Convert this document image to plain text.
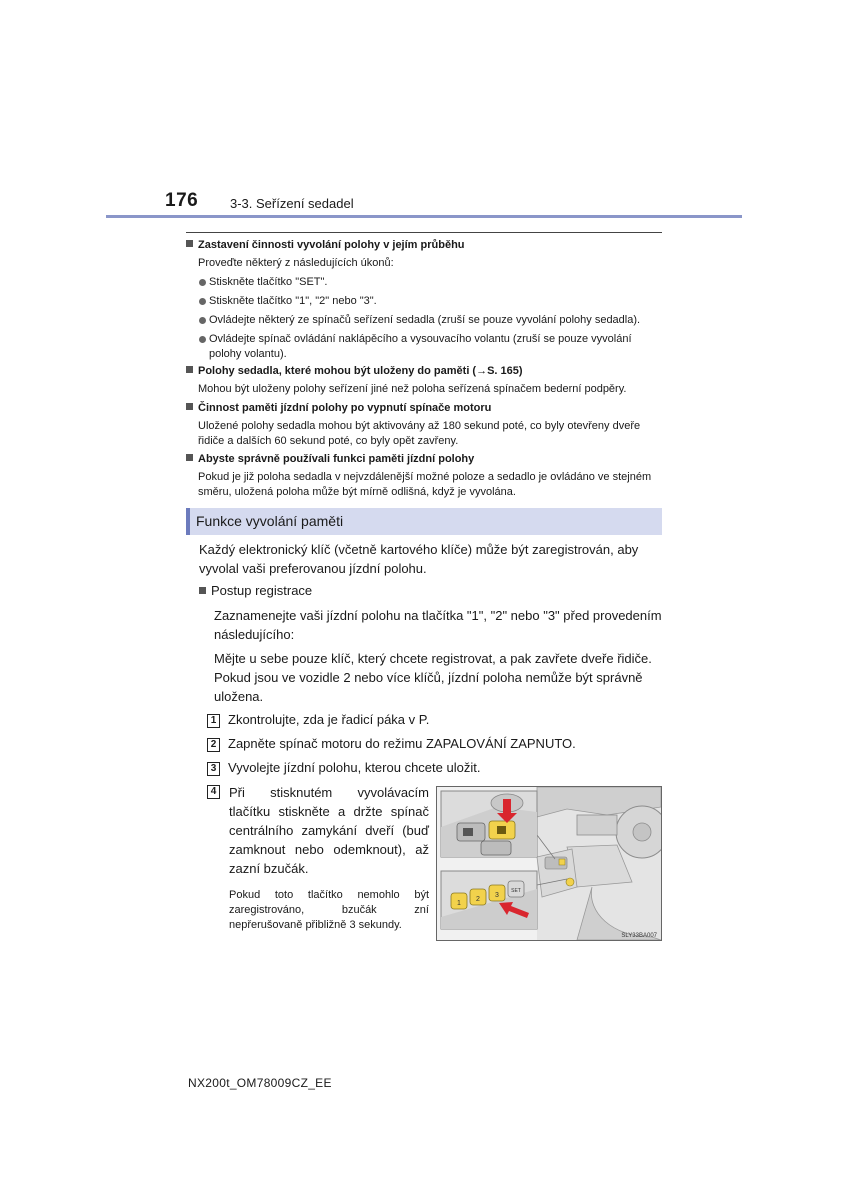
176 3-3. Seřízení sedadel
Zastavení činnosti vyvolání polohy v jejím průběhu
Proveďte některý z následujících úkonů:
Stiskněte tlačítko "SET".
Stiskněte tlačítko "1", "2" nebo "3".
Ovládejte některý ze spínačů seřízení sedadla (zruší se pouze vyvolání polohy sedadla).
Ovládejte spínač ovládání naklápěcího a vysouvacího volantu (zruší se pouze vyvolání polohy volantu).
Polohy sedadla, které mohou být uloženy do paměti (→S. 165)
Mohou být uloženy polohy seřízení jiné než poloha seřízená spínačem bederní podpěry.
Činnost paměti jízdní polohy po vypnutí spínače motoru
Uložené polohy sedadla mohou být aktivovány až 180 sekund poté, co byly otevřeny dveře řidiče a dalších 60 sekund poté, co byly opět zavřeny.
Abyste správně používali funkci paměti jízdní polohy
Pokud je již poloha sedadla v nejvzdálenější možné poloze a sedadlo je ovládáno ve stejném směru, uložená poloha může být mírně odlišná, když je vyvolána.
Funkce vyvolání paměti
Každý elektronický klíč (včetně kartového klíče) může být zaregistrován, aby vyvolal vaši preferovanou jízdní polohu.
Postup registrace
Zaznamenejte vaši jízdní polohu na tlačítka "1", "2" nebo "3" před provedením následujícího:
Mějte u sebe pouze klíč, který chcete registrovat, a pak zavřete dveře řidiče. Pokud jsou ve vozidle 2 nebo více klíčů, jízdní poloha nemůže být správně uložena.
1 Zkontrolujte, zda je řadicí páka v P.
2 Zapněte spínač motoru do režimu ZAPALOVÁNÍ ZAPNUTO.
3 Vyvolejte jízdní polohu, kterou chcete uložit.
4 Při stisknutém vyvolávacím tlačítku stiskněte a držte spínač centrálního zamykání dveří (buď zamknout nebo odemknout), až zazní bzučák.
Pokud toto tlačítko nemohlo být zaregistrováno, bzučák zní nepřerušovaně přibližně 3 sekundy.
1
2
3
SET
SLY33BA007
NX200t_OM78009CZ_EE
